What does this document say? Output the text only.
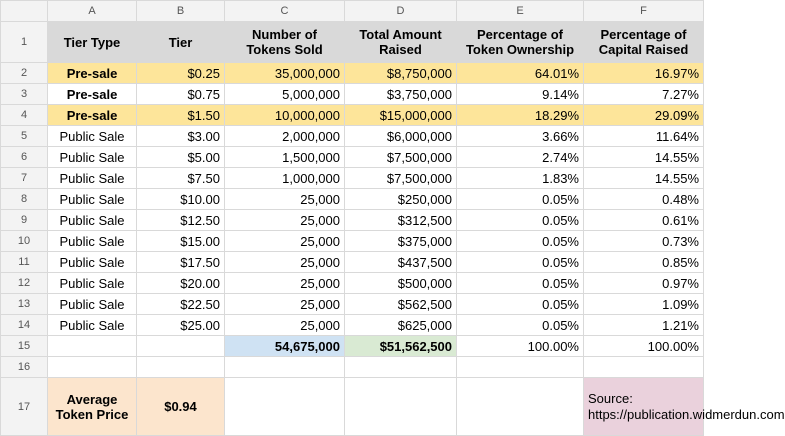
	A	B	C	D	E	F
1	Tier Type	Tier	Number of Tokens Sold	Total Amount Raised	Percentage of Token Ownership	Percentage of Capital Raised
2	Pre-sale	$0.25	35,000,000	$8,750,000	64.01%	16.97%
3	Pre-sale	$0.75	5,000,000	$3,750,000	9.14%	7.27%
4	Pre-sale	$1.50	10,000,000	$15,000,000	18.29%	29.09%
5	Public Sale	$3.00	2,000,000	$6,000,000	3.66%	11.64%
6	Public Sale	$5.00	1,500,000	$7,500,000	2.74%	14.55%
7	Public Sale	$7.50	1,000,000	$7,500,000	1.83%	14.55%
8	Public Sale	$10.00	25,000	$250,000	0.05%	0.48%
9	Public Sale	$12.50	25,000	$312,500	0.05%	0.61%
10	Public Sale	$15.00	25,000	$375,000	0.05%	0.73%
11	Public Sale	$17.50	25,000	$437,500	0.05%	0.85%
12	Public Sale	$20.00	25,000	$500,000	0.05%	0.97%
13	Public Sale	$22.50	25,000	$562,500	0.05%	1.09%
14	Public Sale	$25.00	25,000	$625,000	0.05%	1.21%
15			54,675,000	$51,562,500	100.00%	100.00%
16						
17	Average Token Price	$0.94				Source: https://publication.widmerdun.com
